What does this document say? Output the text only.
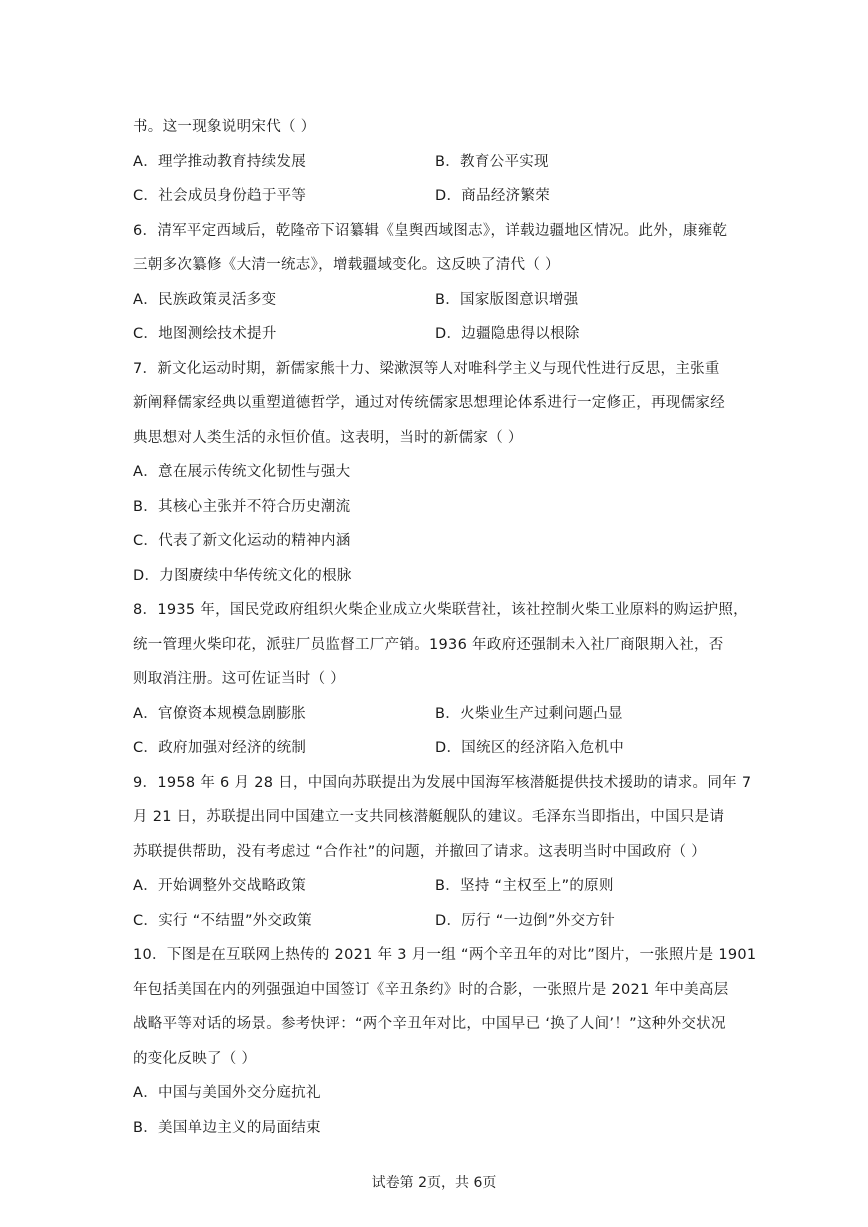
书。这一现象说明宋代（ ）
A．理学推动教育持续发展	B．教育公平实现
C．社会成员身份趋于平等	D．商品经济繁荣
6．清军平定西域后，乾隆帝下诏纂辑《皇舆西域图志》，详载边疆地区情况。此外，康雍乾
三朝多次纂修《大清一统志》，增载疆域变化。这反映了清代（ ）
A．民族政策灵活多变	B．国家版图意识增强
C．地图测绘技术提升	D．边疆隐患得以根除
7．新文化运动时期，新儒家熊十力、梁漱溟等人对唯科学主义与现代性进行反思，主张重
新阐释儒家经典以重塑道德哲学，通过对传统儒家思想理论体系进行一定修正，再现儒家经
典思想对人类生活的永恒价值。这表明，当时的新儒家（ ）
A．意在展示传统文化韧性与强大
B．其核心主张并不符合历史潮流
C．代表了新文化运动的精神内涵
D．力图赓续中华传统文化的根脉
8．1935 年，国民党政府组织火柴企业成立火柴联营社，该社控制火柴工业原料的购运护照，
统一管理火柴印花，派驻厂员监督工厂产销。1936 年政府还强制未入社厂商限期入社，否
则取消注册。这可佐证当时（ ）
A．官僚资本规模急剧膨胀	B．火柴业生产过剩问题凸显
C．政府加强对经济的统制	D．国统区的经济陷入危机中
9．1958 年 6 月 28 日，中国向苏联提出为发展中国海军核潜艇提供技术援助的请求。同年 7
月 21 日，苏联提出同中国建立一支共同核潜艇舰队的建议。毛泽东当即指出，中国只是请
苏联提供帮助，没有考虑过 “合作社”的问题，并撤回了请求。这表明当时中国政府（ ）
A．开始调整外交战略政策	B．坚持 “主权至上”的原则
C．实行 “不结盟”外交政策	D．厉行 “一边倒”外交方针
10．下图是在互联网上热传的 2021 年 3 月一组 “两个辛丑年的对比”图片，一张照片是 1901
年包括美国在内的列强强迫中国签订《辛丑条约》时的合影，一张照片是 2021 年中美高层
战略平等对话的场景。参考快评：“两个辛丑年对比，中国早已 ‘换了人间’！”这种外交状况
的变化反映了（ ）
A．中国与美国外交分庭抗礼
B．美国单边主义的局面结束
试卷第 2页，共 6页
